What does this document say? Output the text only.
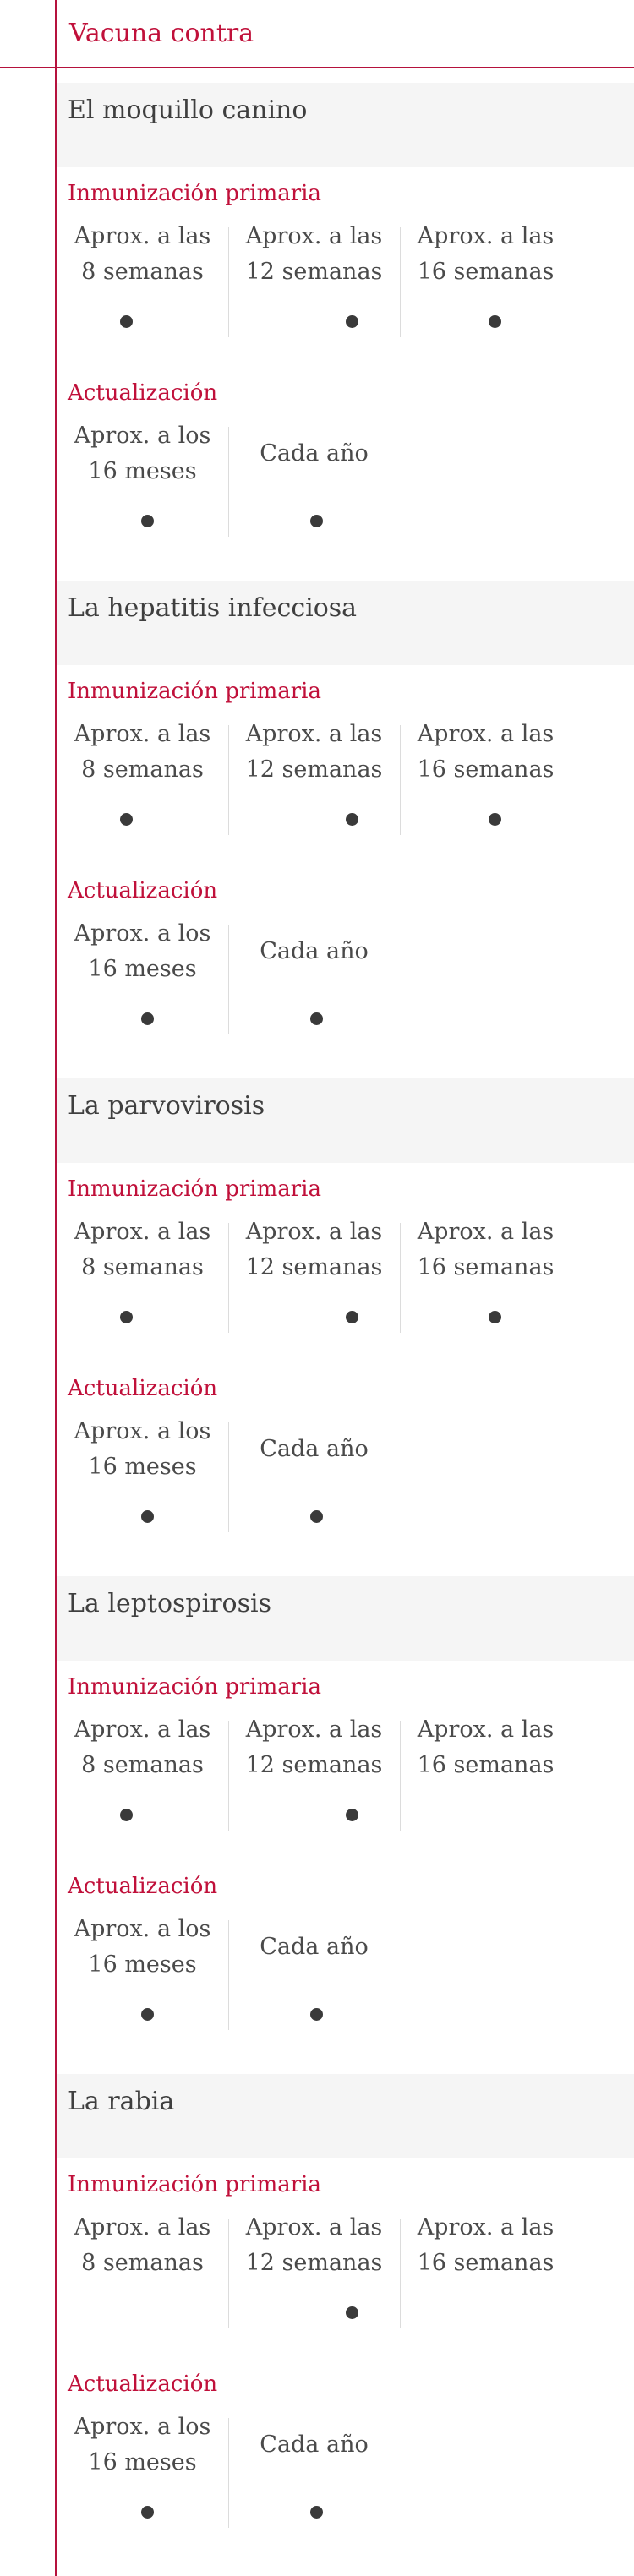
Vacuna contra
El moquillo canino
Inmunización primaria
Aprox. a las
8 semanas
Aprox. a las
12 semanas
Aprox. a las
16 semanas
Actualización
Aprox. a los
16 meses
Cada año
La hepatitis infecciosa
Inmunización primaria
Aprox. a las
8 semanas
Aprox. a las
12 semanas
Aprox. a las
16 semanas
Actualización
Aprox. a los
16 meses
Cada año
La parvovirosis
Inmunización primaria
Aprox. a las
8 semanas
Aprox. a las
12 semanas
Aprox. a las
16 semanas
Actualización
Aprox. a los
16 meses
Cada año
La leptospirosis
Inmunización primaria
Aprox. a las
8 semanas
Aprox. a las
12 semanas
Aprox. a las
16 semanas
Actualización
Aprox. a los
16 meses
Cada año
La rabia
Inmunización primaria
Aprox. a las
8 semanas
Aprox. a las
12 semanas
Aprox. a las
16 semanas
Actualización
Aprox. a los
16 meses
Cada año
